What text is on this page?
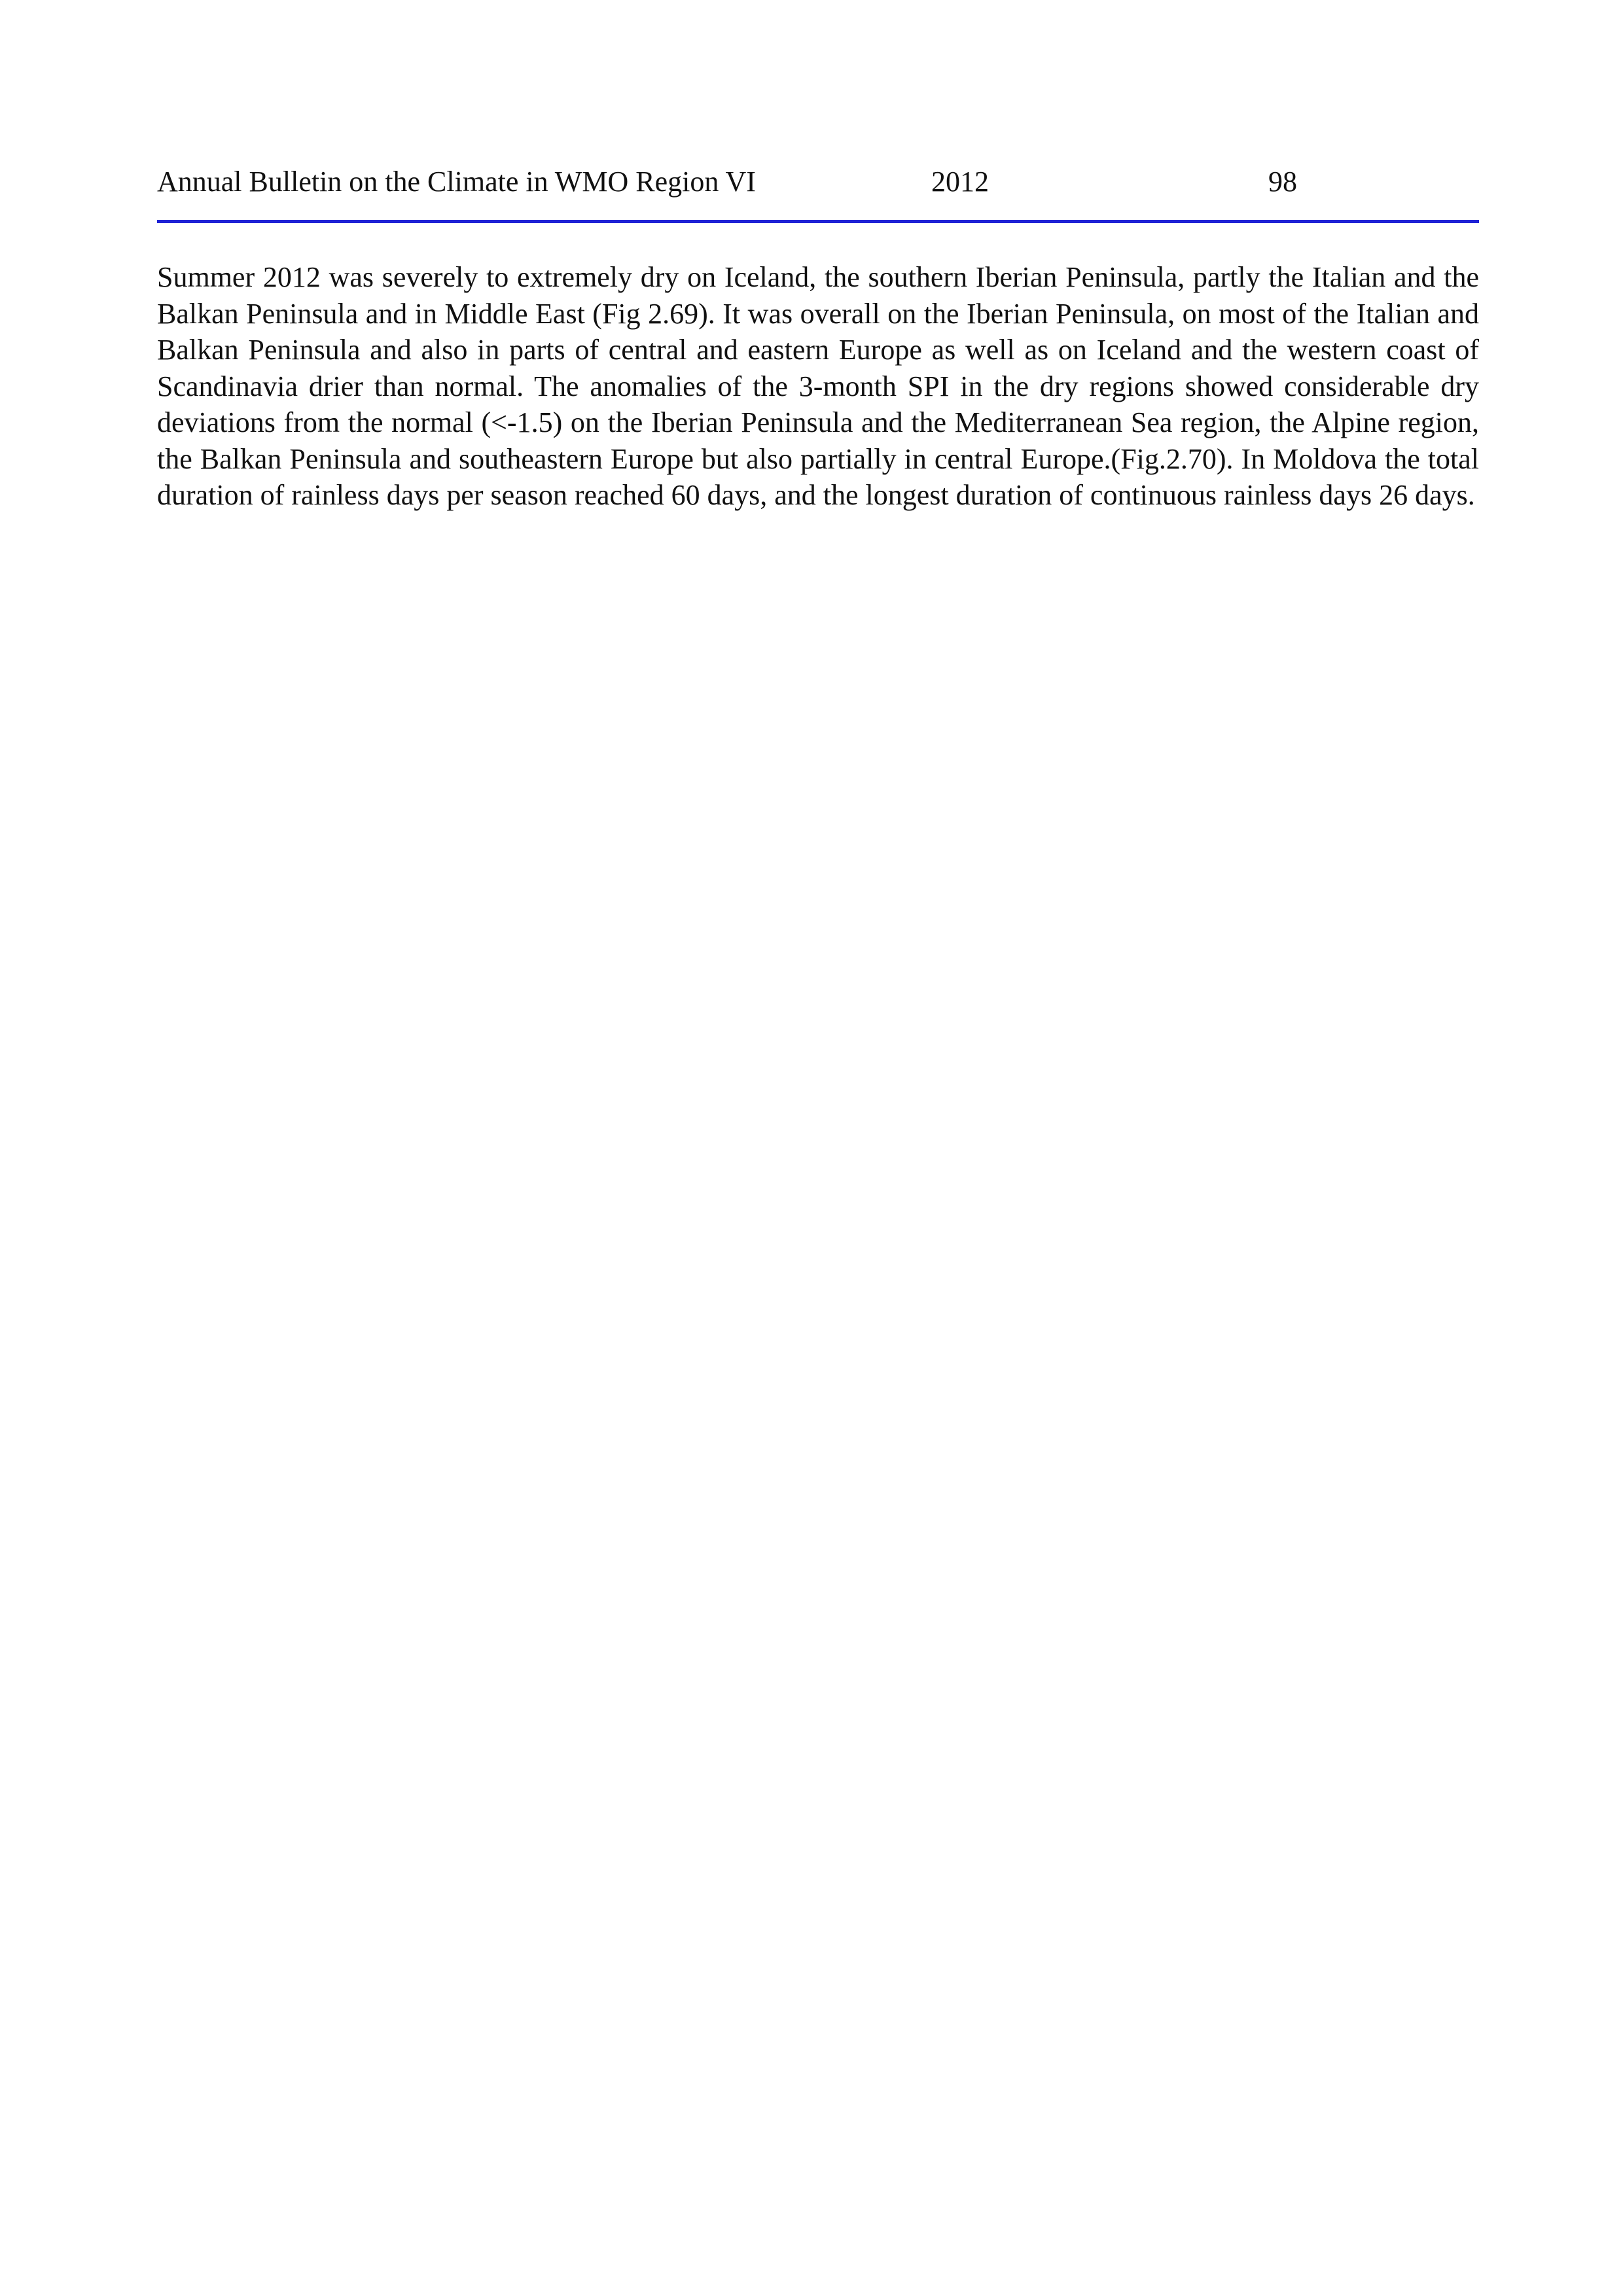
Annual Bulletin on the Climate in WMO Region VI	2012	98

Summer 2012 was severely to extremely dry on Iceland, the southern Iberian Peninsula, partly the Italian and the Balkan Peninsula and in Middle East (Fig 2.69). It was overall on the Iberian Peninsula, on most of the Italian and Balkan Peninsula and also in parts of central and eastern Europe as well as on Iceland and the western coast of Scandinavia drier than normal. The anomalies of the 3-month SPI in the dry regions showed considerable dry deviations from the normal (<-1.5) on the Iberian Peninsula and the Mediterranean Sea region, the Alpine region, the Balkan Peninsula and southeastern Europe but also partially in central Europe.(Fig.2.70). In Moldova the total duration of rainless days per season reached 60 days, and the longest duration of continuous rainless days 26 days.
